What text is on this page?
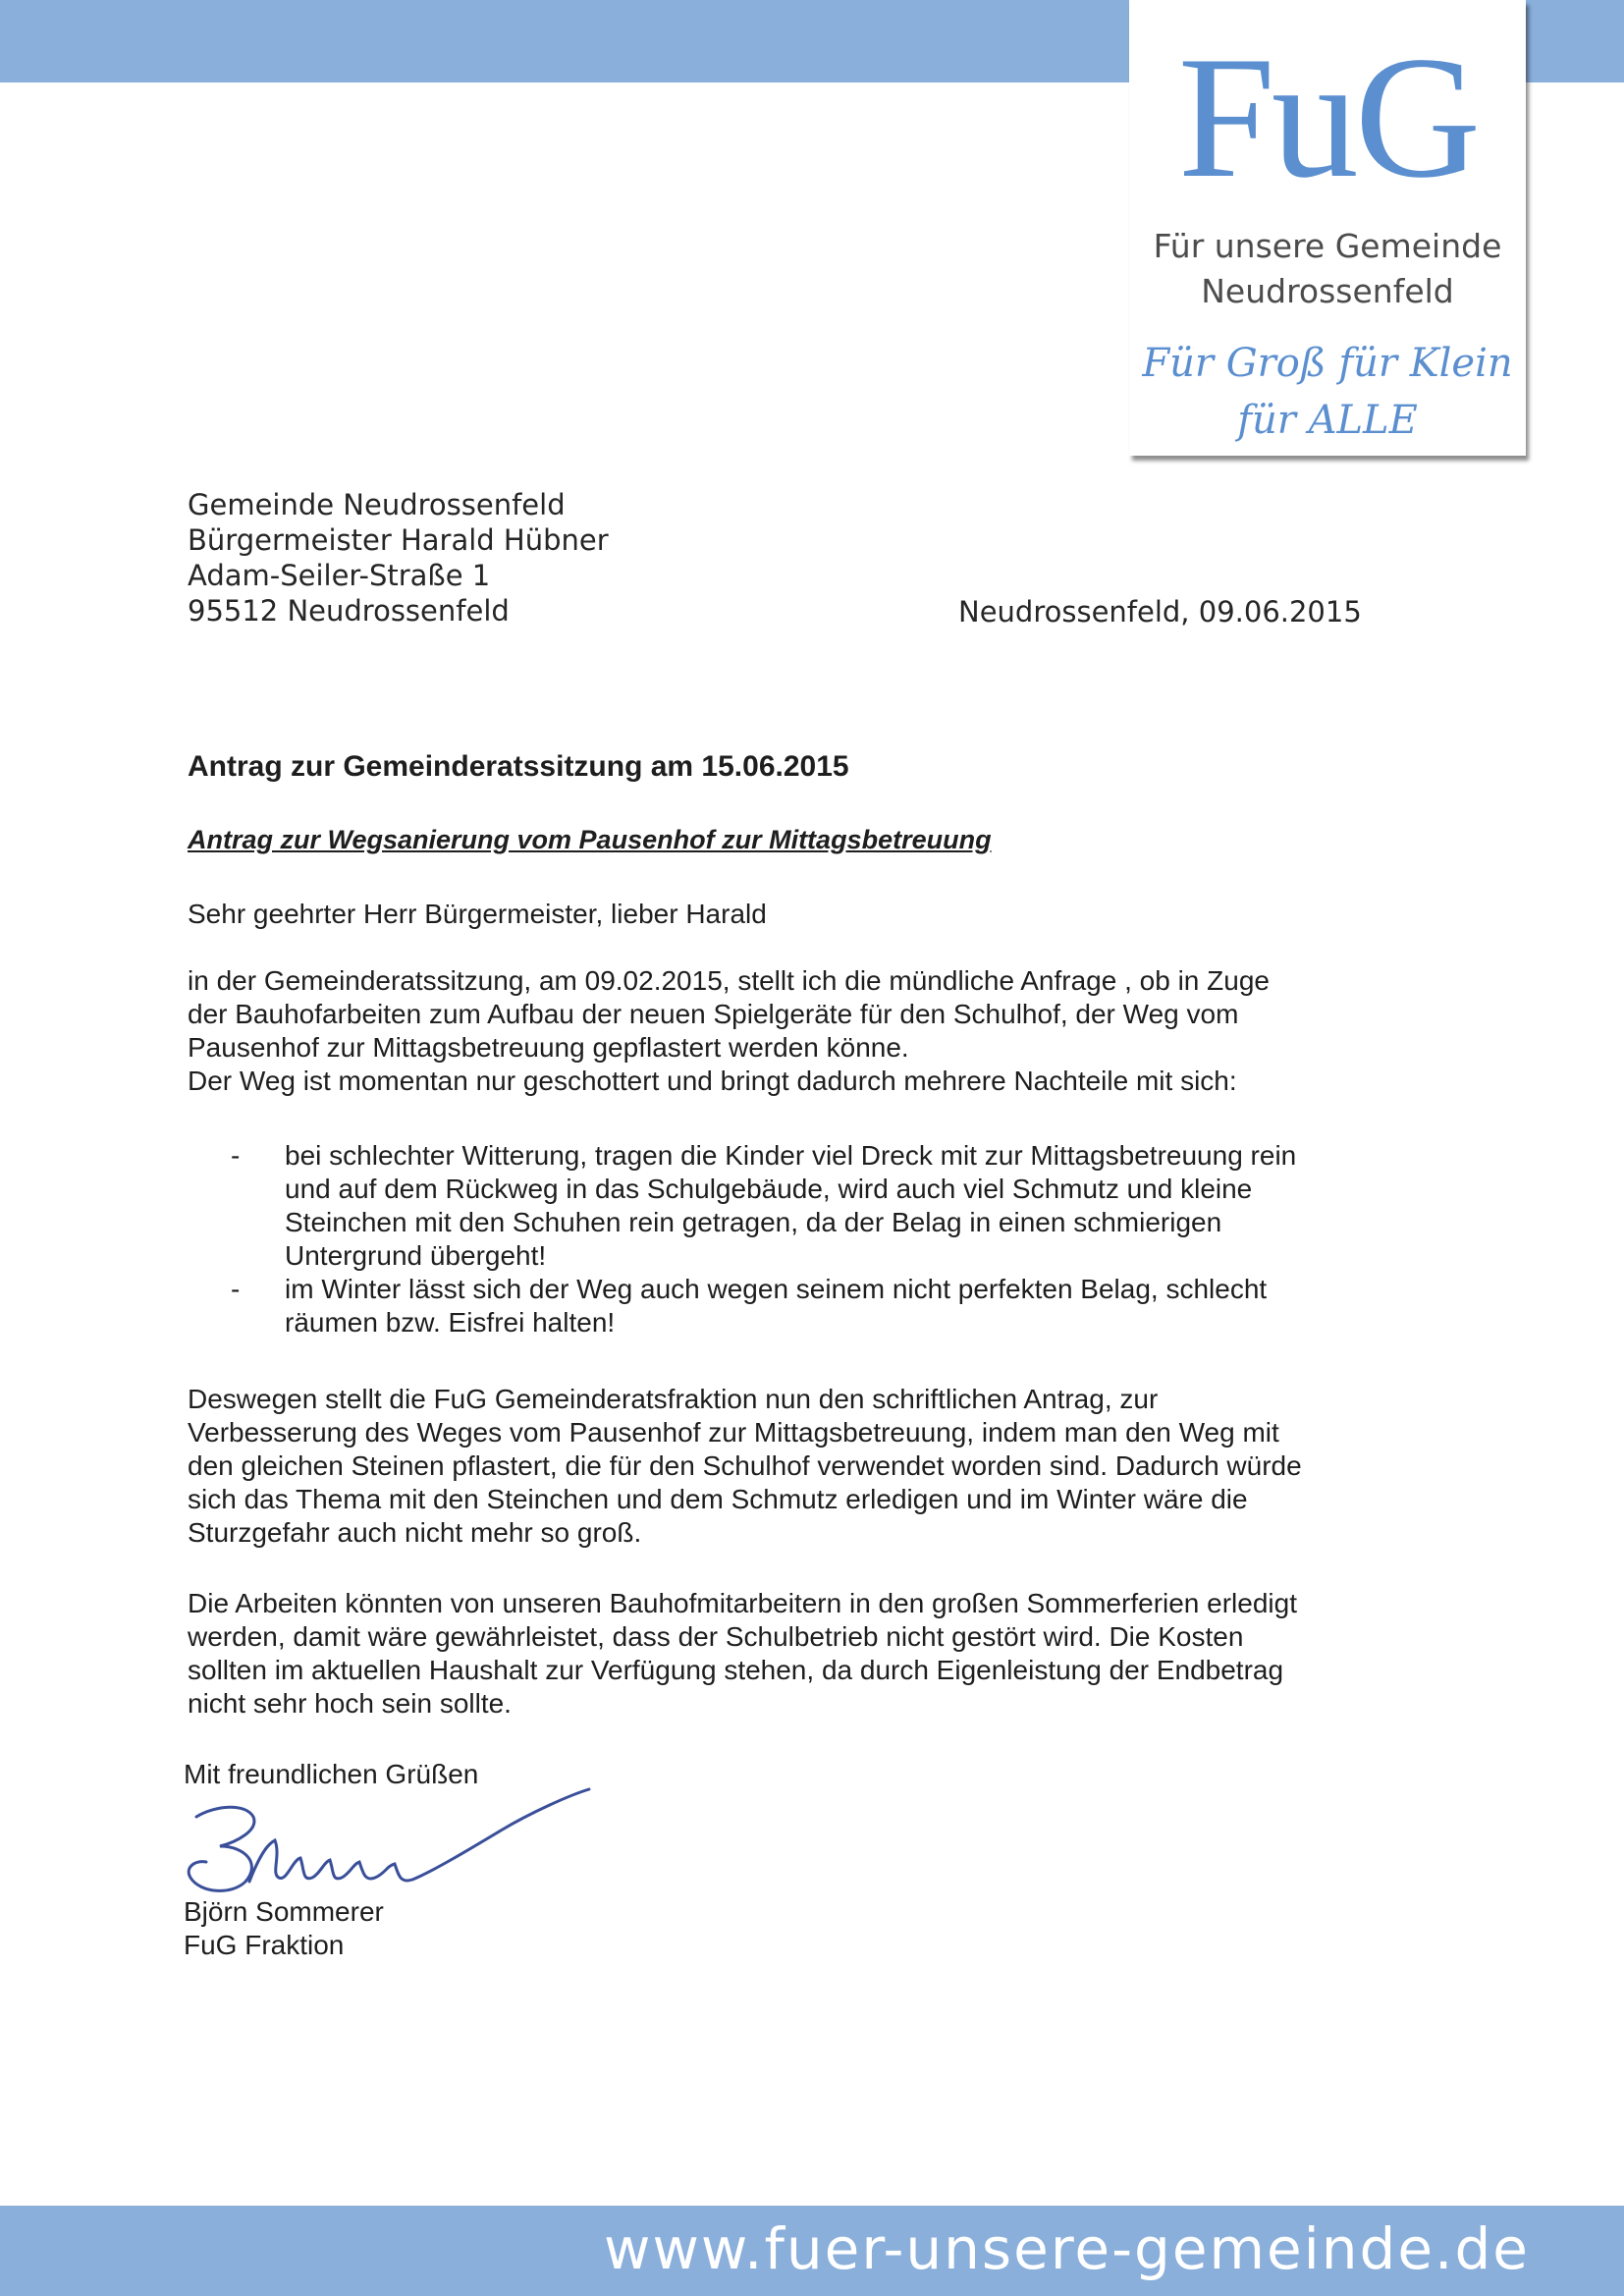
FuG
Für unsere Gemeinde
Neudrossenfeld
Für Groß für Klein
für ALLE
Gemeinde Neudrossenfeld
Bürgermeister Harald Hübner
Adam-Seiler-Straße 1
95512 Neudrossenfeld	Neudrossenfeld, 09.06.2015
Antrag zur Gemeinderatssitzung am 15.06.2015
Antrag zur Wegsanierung vom Pausenhof zur Mittagsbetreuung
Sehr geehrter Herr Bürgermeister, lieber Harald
in der Gemeinderatssitzung, am 09.02.2015, stellt ich die mündliche Anfrage , ob in Zuge
der Bauhofarbeiten zum Aufbau der neuen Spielgeräte für den Schulhof, der Weg vom
Pausenhof zur Mittagsbetreuung gepflastert werden könne.
Der Weg ist momentan nur geschottert und bringt dadurch mehrere Nachteile mit sich:
- bei schlechter Witterung, tragen die Kinder viel Dreck mit zur Mittagsbetreuung rein
und auf dem Rückweg in das Schulgebäude, wird auch viel Schmutz und kleine
Steinchen mit den Schuhen rein getragen, da der Belag in einen schmierigen
Untergrund übergeht!
- im Winter lässt sich der Weg auch wegen seinem nicht perfekten Belag, schlecht
räumen bzw. Eisfrei halten!
Deswegen stellt die FuG Gemeinderatsfraktion nun den schriftlichen Antrag, zur
Verbesserung des Weges vom Pausenhof zur Mittagsbetreuung, indem man den Weg mit
den gleichen Steinen pflastert, die für den Schulhof verwendet worden sind. Dadurch würde
sich das Thema mit den Steinchen und dem Schmutz erledigen und im Winter wäre die
Sturzgefahr auch nicht mehr so groß.
Die Arbeiten könnten von unseren Bauhofmitarbeitern in den großen Sommerferien erledigt
werden, damit wäre gewährleistet, dass der Schulbetrieb nicht gestört wird. Die Kosten
sollten im aktuellen Haushalt zur Verfügung stehen, da durch Eigenleistung der Endbetrag
nicht sehr hoch sein sollte.
Mit freundlichen Grüßen
Björn Sommerer
FuG Fraktion
www.fuer-unsere-gemeinde.de
